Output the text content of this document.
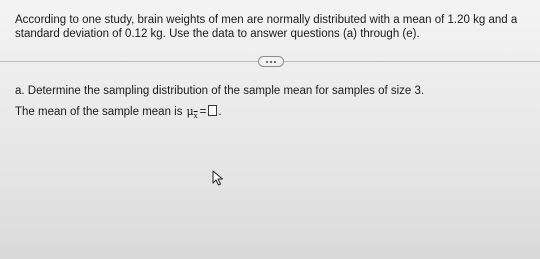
According to one study, brain weights of men are normally distributed with a mean of 1.20 kg and a standard deviation of 0.12 kg. Use the data to answer questions (a) through (e).

a. Determine the sampling distribution of the sample mean for samples of size 3.

The mean of the sample mean is μ $\overline{x}$ = .
